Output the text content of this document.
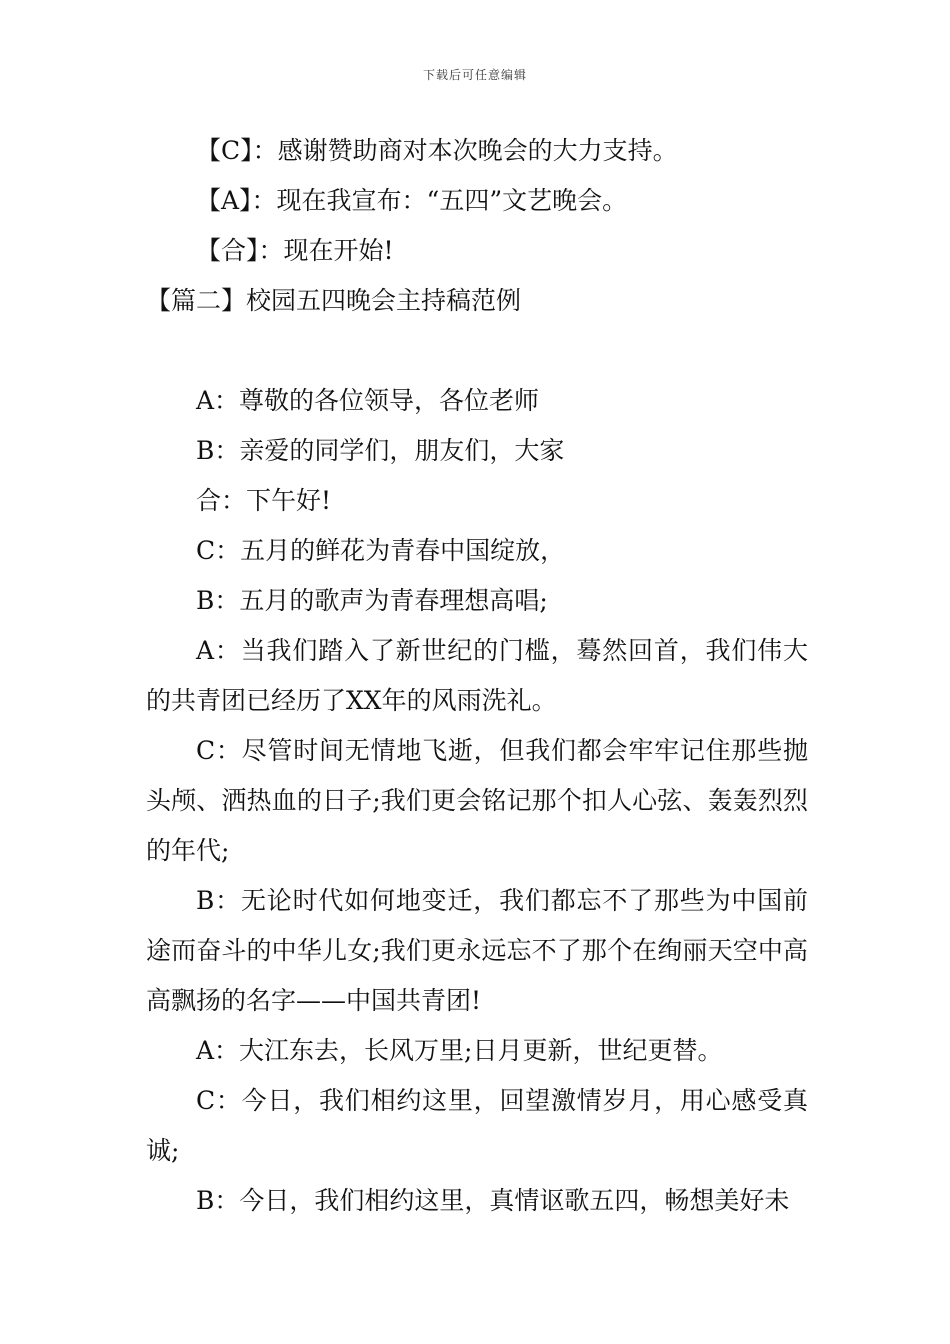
下载后可任意编辑

【C】：感谢赞助商对本次晚会的大力支持。

【A】：现在我宣布：“五四”文艺晚会。

【合】：现在开始!

【篇二】校园五四晚会主持稿范例

A：尊敬的各位领导，各位老师

B：亲爱的同学们，朋友们，大家

合：下午好!

C：五月的鲜花为青春中国绽放，

B：五月的歌声为青春理想高唱;

A：当我们踏入了新世纪的门槛，蓦然回首，我们伟大的共青团已经历了XX年的风雨洗礼。

C：尽管时间无情地飞逝，但我们都会牢牢记住那些抛头颅、洒热血的日子;我们更会铭记那个扣人心弦、轰轰烈烈的年代;

B：无论时代如何地变迁，我们都忘不了那些为中国前途而奋斗的中华儿女;我们更永远忘不了那个在绚丽天空中高高飘扬的名字——中国共青团!

A：大江东去，长风万里;日月更新，世纪更替。

C：今日，我们相约这里，回望激情岁月，用心感受真诚;

B：今日，我们相约这里，真情讴歌五四，畅想美好未
